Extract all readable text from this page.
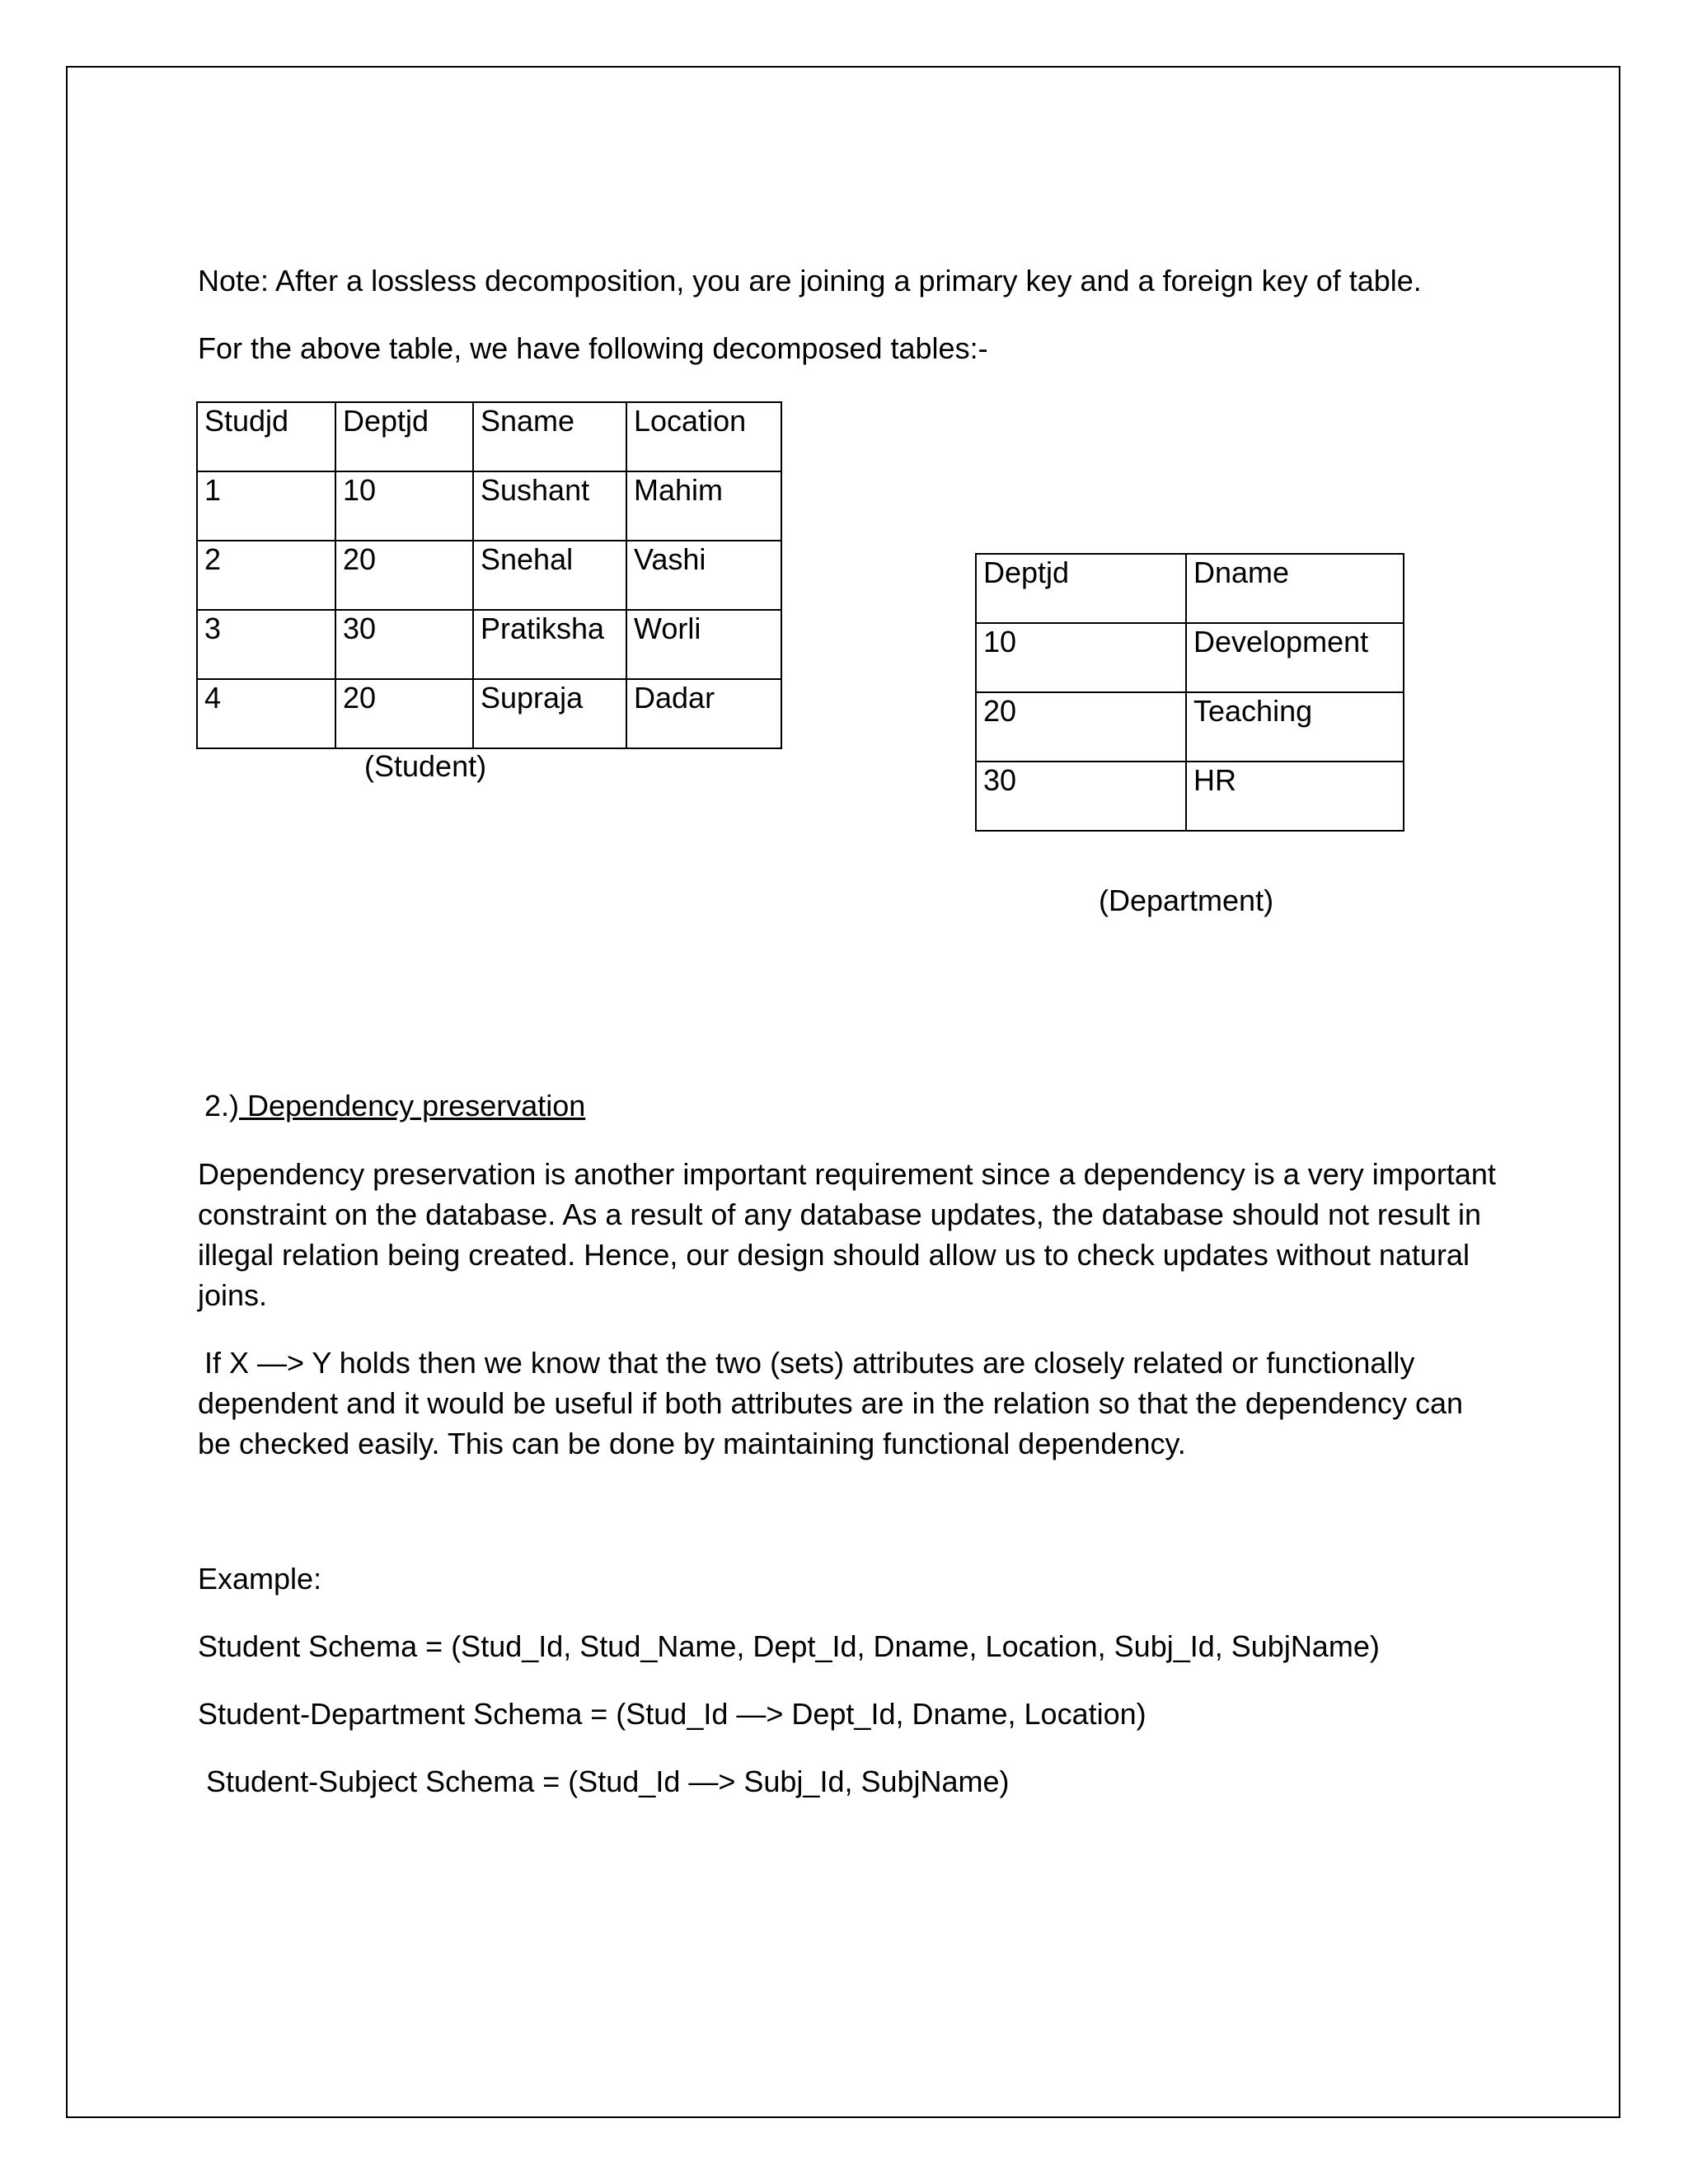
Note: After a lossless decomposition, you are joining a primary key and a foreign key of table.
For the above table, we have following decomposed tables:-
Studjd	Deptjd	Sname	Location
1	10	Sushant	Mahim
2	20	Snehal	Vashi
3	30	Pratiksha	Worli
4	20	Supraja	Dadar
(Student)
Deptjd	Dname
10	Development
20	Teaching
30	HR
(Department)
2.) Dependency preservation
Dependency preservation is another important requirement since a dependency is a very important constraint on the database. As a result of any database updates, the database should not result in illegal relation being created. Hence, our design should allow us to check updates without natural joins.
If X —> Y holds then we know that the two (sets) attributes are closely related or functionally dependent and it would be useful if both attributes are in the relation so that the dependency can be checked easily. This can be done by maintaining functional dependency.
Example:
Student Schema = (Stud_Id, Stud_Name, Dept_Id, Dname, Location, Subj_Id, SubjName)
Student-Department Schema = (Stud_Id —> Dept_Id, Dname, Location)
Student-Subject Schema = (Stud_Id —> Subj_Id, SubjName)
